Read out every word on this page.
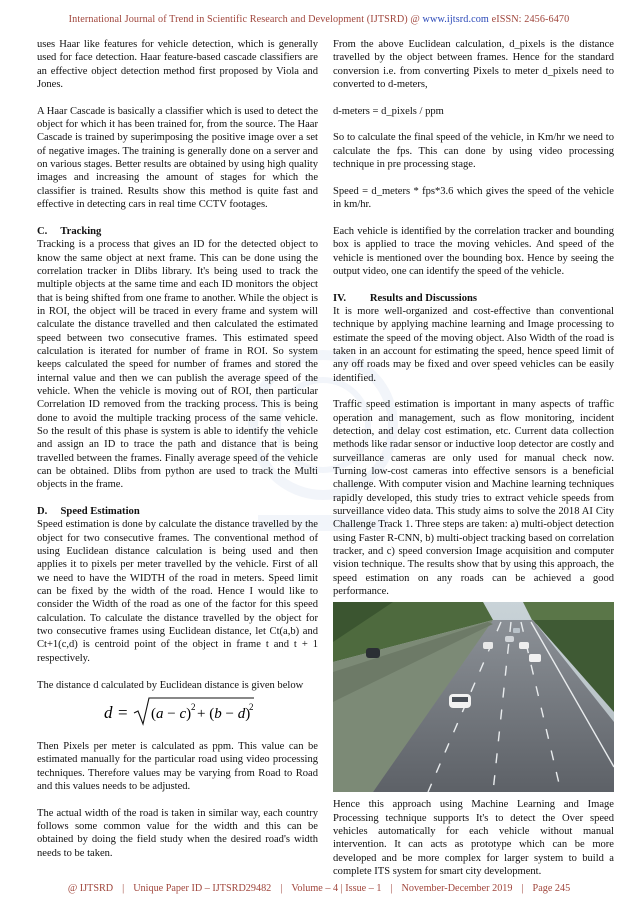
International Journal of Trend in Scientific Research and Development (IJTSRD) @ www.ijtsrd.com eISSN: 2456-6470

uses Haar like features for vehicle detection, which is generally used for face detection. Haar feature-based cascade classifiers are an effective object detection method first proposed by Viola and Jones.

A Haar Cascade is basically a classifier which is used to detect the object for which it has been trained for, from the source. The Haar Cascade is trained by superimposing the positive image over a set of negative images. The training is generally done on a server and on various stages. Better results are obtained by using high quality images and increasing the amount of stages for which the classifier is trained. Results show this method is quite fast and effective in detecting cars in real time CCTV footages.

C.  Tracking

Tracking is a process that gives an ID for the detected object to know the same object at next frame. This can be done using the correlation tracker in Dlibs library. It's being used to track the multiple objects at the same time and each ID monitors the object that is being shifted from one frame to another. While the object is in ROI, the object will be traced in every frame and system will calculate the distance travelled and then calculated the estimated speed between two consecutive frames. This estimated speed calculation is iterated for number of frame in ROI. So system keeps calculated the speed for number of frames and stored the internal value and then we can publish the average speed of the vehicle. When the vehicle is moving out of ROI, then particular Correlation ID removed from the tracking process. This is being done to avoid the multiple tracking process of the same vehicle. So the result of this phase is system is able to identify the vehicle and assign an ID to trace the path and distance that is being travelled between the frames. Finally average speed of the vehicle can be obtained. Dlibs from python are used to track the Multi objects in the frame.

D.  Speed Estimation

Speed estimation is done by calculate the distance travelled by the object for two consecutive frames. The conventional method of using Euclidean distance calculation is being used and then applies it to pixels per meter travelled by the vehicle. First of all we need to have the WIDTH of the road in meters. Speed limit can be fixed by the width of the road. Hence I would like to consider the Width of the road as one of the factor for this speed calculation. To calculate the distance travelled by the object for two consecutive frames using Euclidean distance, let Ct(a,b) and Ct+1(c,d) is centroid point of the object in frame t and t + 1 respectively.

The distance d calculated by Euclidean distance is given below

d = (a − c) 2 + (b − d)
2

Then Pixels per meter is calculated as ppm. This value can be estimated manually for the particular road using video processing techniques. Therefore values may be varying from Road to Road and this values needs to be adjusted.

The actual width of the road is taken in similar way, each country follows some common value for the width and this can be obtained by doing the field study when the desired road's width needs to be taken.

From the above Euclidean calculation, d_pixels is the distance travelled by the object between frames. Hence for the standard conversion i.e. from converting Pixels to meter d_pixels need to converted to d-meters,

d-meters = d_pixels / ppm

So to calculate the final speed of the vehicle, in Km/hr we need to calculate the fps. This can done by using video processing technique in pre processing stage.

Speed = d_meters * fps*3.6 which gives the speed of the vehicle in km/hr.

Each vehicle is identified by the correlation tracker and bounding box is applied to trace the moving vehicles. And speed of the vehicle is mentioned over the bounding box. Hence by seeing the output video, one can identify the speed of the vehicle.

IV.   Results and Discussions

It is more well-organized and cost-effective than conventional technique by applying machine learning and Image processing to estimate the speed of the moving object. Also Width of the road is taken in an account for estimating the speed, hence speed limit of any off roads may be fixed and over speed vehicles can be easily identified.

Traffic speed estimation is important in many aspects of traffic operation and management, such as flow monitoring, incident detection, and delay cost estimation, etc. Current data collection methods like radar sensor or inductive loop detector are costly and surveillance cameras are only used for manual check now. Turning low-cost cameras into effective sensors is a beneficial challenge. With computer vision and Machine learning techniques rapidly developed, this study tries to extract vehicle speeds from surveillance video data. This study aims to solve the 2018 AI City Challenge Track 1. Three steps are taken: a) multi-object detection using Faster R-CNN, b) multi-object tracking based on correlation tracker, and c) speed conversion Image acquisition and computer vision technique. The results show that by using this approach, the speed estimation on any roads can be achieved a good performance.

Hence this approach using Machine Learning and Image Processing technique supports It's to detect the Over speed vehicles automatically for each vehicle without manual intervention. It can acts as prototype which can be more developed and be more complex for larger system to build a complete ITS system for smart city development.

@ IJTSRD | Unique Paper ID – IJTSRD29482 | Volume – 4 | Issue – 1 | November-December 2019 | Page 245
